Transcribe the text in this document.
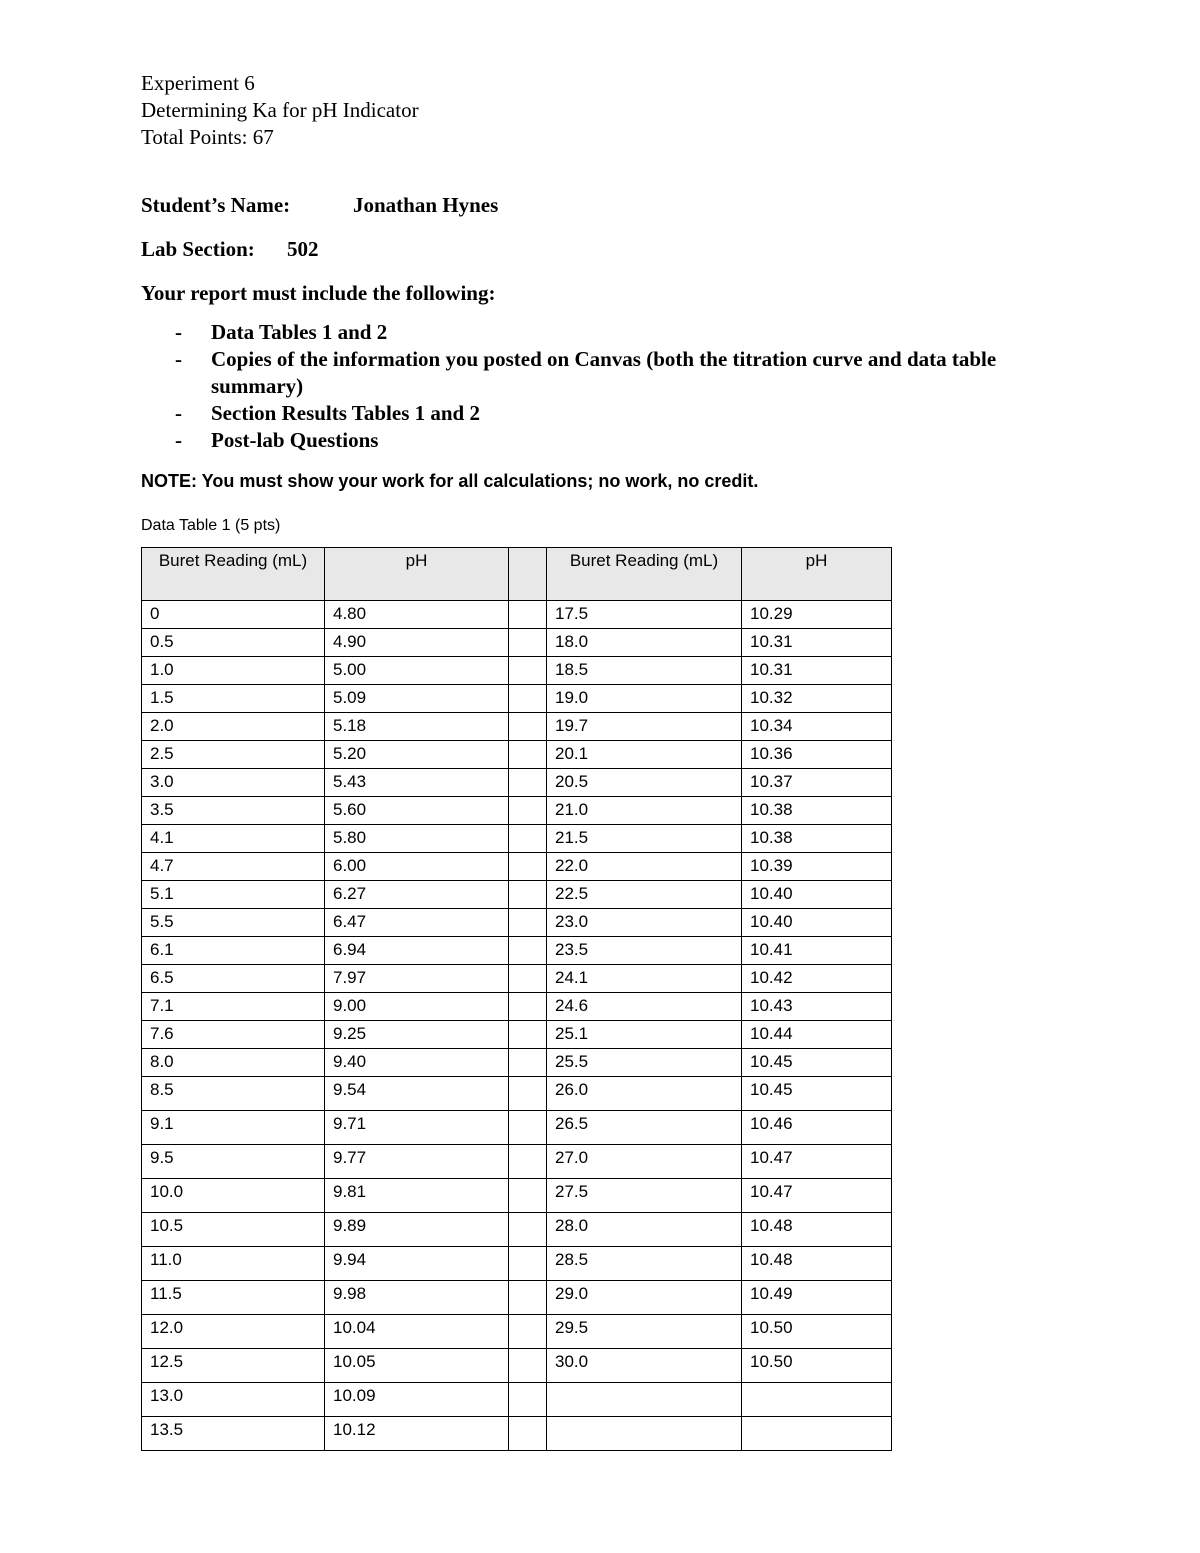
Experiment 6

Determining Ka for pH Indicator

Total Points: 67

Student’s Name:	Jonathan Hynes

Lab Section: 502

Your report must include the following:

- Data Tables 1 and 2
- Copies of the information you posted on Canvas (both the titration curve and data table summary)
- Section Results Tables 1 and 2
- Post-lab Questions

NOTE: You must show your work for all calculations; no work, no credit.

Data Table 1 (5 pts)

Buret Reading (mL)	pH		Buret Reading (mL)	pH
0	4.80		17.5	10.29
0.5	4.90		18.0	10.31
1.0	5.00		18.5	10.31
1.5	5.09		19.0	10.32
2.0	5.18		19.7	10.34
2.5	5.20		20.1	10.36
3.0	5.43		20.5	10.37
3.5	5.60		21.0	10.38
4.1	5.80		21.5	10.38
4.7	6.00		22.0	10.39
5.1	6.27		22.5	10.40
5.5	6.47		23.0	10.40
6.1	6.94		23.5	10.41
6.5	7.97		24.1	10.42
7.1	9.00		24.6	10.43
7.6	9.25		25.1	10.44
8.0	9.40		25.5	10.45
8.5	9.54		26.0	10.45
9.1	9.71		26.5	10.46
9.5	9.77		27.0	10.47
10.0	9.81		27.5	10.47
10.5	9.89		28.0	10.48
11.0	9.94		28.5	10.48
11.5	9.98		29.0	10.49
12.0	10.04		29.5	10.50
12.5	10.05		30.0	10.50
13.0	10.09			
13.5	10.12			
